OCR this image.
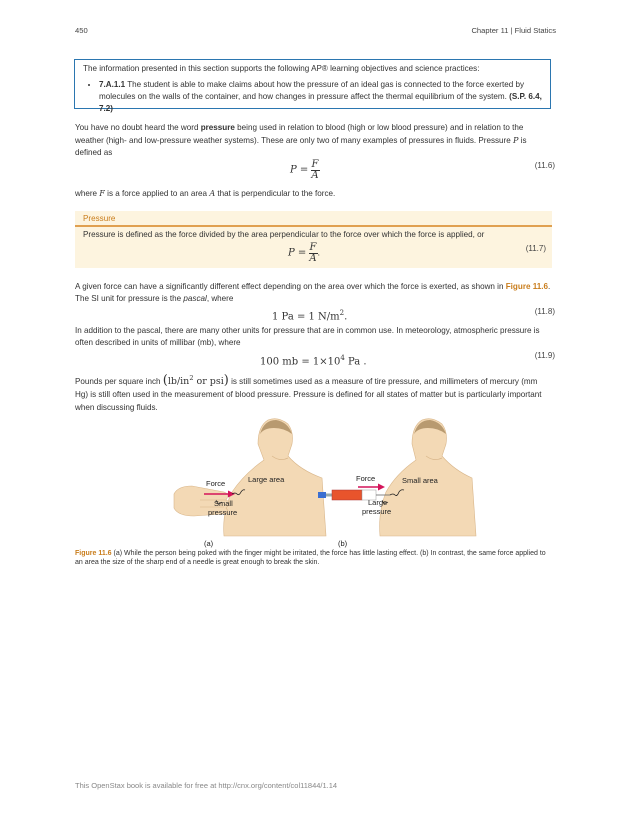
450	Chapter 11 | Fluid Statics

The information presented in this section supports the following AP® learning objectives and science practices:

• 7.A.1.1 The student is able to make claims about how the pressure of an ideal gas is connected to the force exerted by molecules on the walls of the container, and how changes in pressure affect the thermal equilibrium of the system. (S.P. 6.4, 7.2)
You have no doubt heard the word pressure being used in relation to blood (high or low blood pressure) and in relation to the weather (high- and low-pressure weather systems). These are only two of many examples of pressures in fluids. Pressure P is defined as
$P = \frac{F}{A}$	(11.6)
where F is a force applied to an area A that is perpendicular to the force.
Pressure
Pressure is defined as the force divided by the area perpendicular to the force over which the force is applied, or
$P = \frac{F}{A}$ .	(11.7)
A given force can have a significantly different effect depending on the area over which the force is exerted, as shown in Figure 11.6. The SI unit for pressure is the pascal, where
1 Pa = 1 $N/m^2$.	(11.8)
In addition to the pascal, there are many other units for pressure that are in common use. In meteorology, atmospheric pressure is often described in units of millibar (mb), where
100 mb = $1\times 10^4$ Pa .
(11.9)
Pounds per square inch ($lb/in^2$ or psi) is still sometimes used as a measure of tire pressure, and millimeters of mercury (mm Hg) is still often used in the measurement of blood pressure. Pressure is defined for all states of matter but is particularly important when discussing fluids.
Force	Large area
Small
pressure
(a)
Force	Small area
Large
pressure
(b)
Figure 11.6 (a) While the person being poked with the finger might be irritated, the force has little lasting effect. (b) In contrast, the same force applied to an area the size of the sharp end of a needle is great enough to break the skin.
This OpenStax book is available for free at http://cnx.org/content/col11844/1.14
